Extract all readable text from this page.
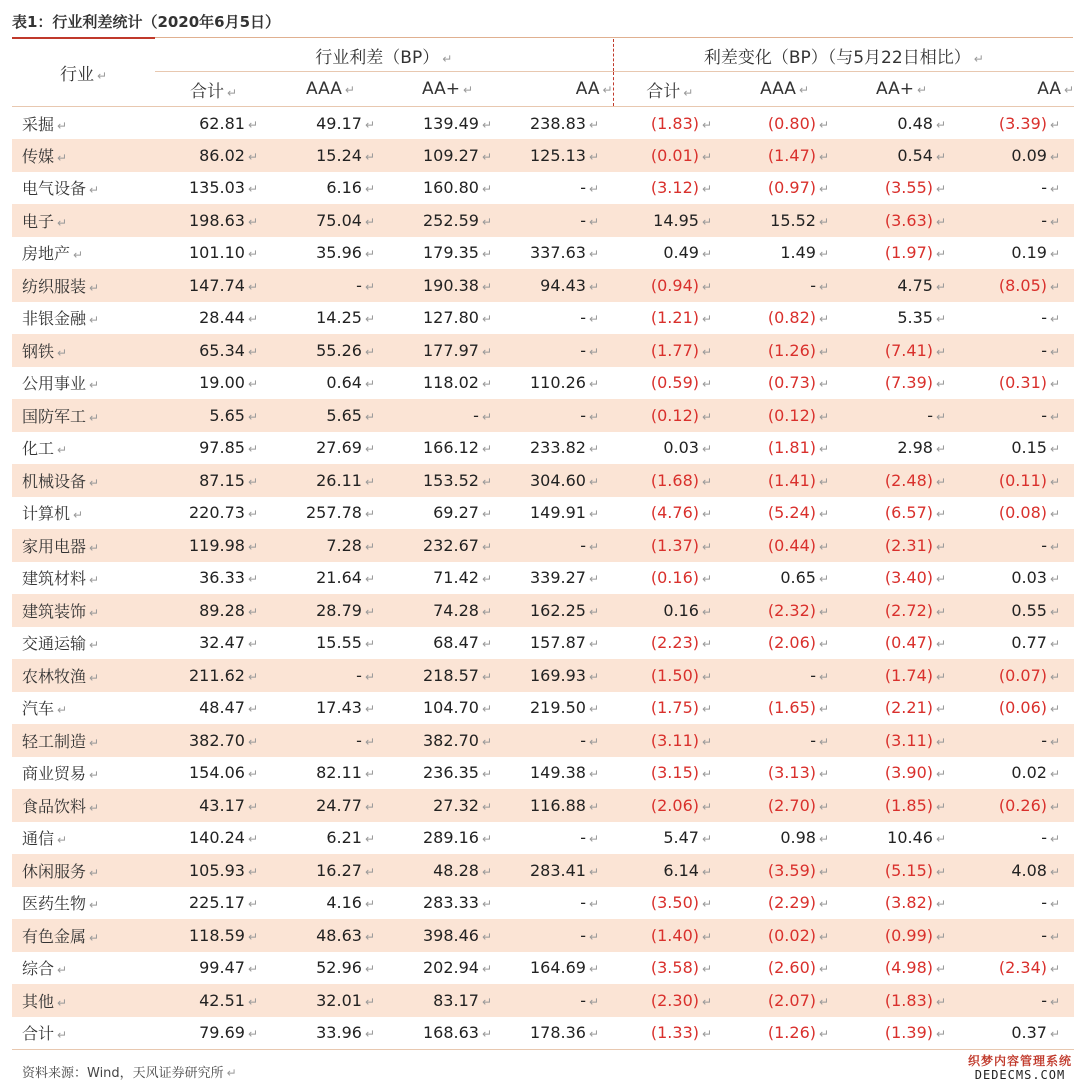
表1：行业利差统计（2020年6月5日）
行业 ↵	行业利差（BP） ↵				利差变化（BP）（与5月22日相比） ↵			
	合计 ↵	AAA ↵	AA+ ↵	AA ↵	合计 ↵	AAA ↵	AA+ ↵	AA ↵
采掘 ↵	62.81 ↵	49.17 ↵	139.49 ↵	238.83 ↵	(1.83) ↵	(0.80) ↵	0.48 ↵	(3.39) ↵
传媒 ↵	86.02 ↵	15.24 ↵	109.27 ↵	125.13 ↵	(0.01) ↵	(1.47) ↵	0.54 ↵	0.09 ↵
电气设备 ↵	135.03 ↵	6.16 ↵	160.80 ↵	- ↵	(3.12) ↵	(0.97) ↵	(3.55) ↵	- ↵
电子 ↵	198.63 ↵	75.04 ↵	252.59 ↵	- ↵	14.95 ↵	15.52 ↵	(3.63) ↵	- ↵
房地产 ↵	101.10 ↵	35.96 ↵	179.35 ↵	337.63 ↵	0.49 ↵	1.49 ↵	(1.97) ↵	0.19 ↵
纺织服装 ↵	147.74 ↵	- ↵	190.38 ↵	94.43 ↵	(0.94) ↵	- ↵	4.75 ↵	(8.05) ↵
非银金融 ↵	28.44 ↵	14.25 ↵	127.80 ↵	- ↵	(1.21) ↵	(0.82) ↵	5.35 ↵	- ↵
钢铁 ↵	65.34 ↵	55.26 ↵	177.97 ↵	- ↵	(1.77) ↵	(1.26) ↵	(7.41) ↵	- ↵
公用事业 ↵	19.00 ↵	0.64 ↵	118.02 ↵	110.26 ↵	(0.59) ↵	(0.73) ↵	(7.39) ↵	(0.31) ↵
国防军工 ↵	5.65 ↵	5.65 ↵	- ↵	- ↵	(0.12) ↵	(0.12) ↵	- ↵	- ↵
化工 ↵	97.85 ↵	27.69 ↵	166.12 ↵	233.82 ↵	0.03 ↵	(1.81) ↵	2.98 ↵	0.15 ↵
机械设备 ↵	87.15 ↵	26.11 ↵	153.52 ↵	304.60 ↵	(1.68) ↵	(1.41) ↵	(2.48) ↵	(0.11) ↵
计算机 ↵	220.73 ↵	257.78 ↵	69.27 ↵	149.91 ↵	(4.76) ↵	(5.24) ↵	(6.57) ↵	(0.08) ↵
家用电器 ↵	119.98 ↵	7.28 ↵	232.67 ↵	- ↵	(1.37) ↵	(0.44) ↵	(2.31) ↵	- ↵
建筑材料 ↵	36.33 ↵	21.64 ↵	71.42 ↵	339.27 ↵	(0.16) ↵	0.65 ↵	(3.40) ↵	0.03 ↵
建筑装饰 ↵	89.28 ↵	28.79 ↵	74.28 ↵	162.25 ↵	0.16 ↵	(2.32) ↵	(2.72) ↵	0.55 ↵
交通运输 ↵	32.47 ↵	15.55 ↵	68.47 ↵	157.87 ↵	(2.23) ↵	(2.06) ↵	(0.47) ↵	0.77 ↵
农林牧渔 ↵	211.62 ↵	- ↵	218.57 ↵	169.93 ↵	(1.50) ↵	- ↵	(1.74) ↵	(0.07) ↵
汽车 ↵	48.47 ↵	17.43 ↵	104.70 ↵	219.50 ↵	(1.75) ↵	(1.65) ↵	(2.21) ↵	(0.06) ↵
轻工制造 ↵	382.70 ↵	- ↵	382.70 ↵	- ↵	(3.11) ↵	- ↵	(3.11) ↵	- ↵
商业贸易 ↵	154.06 ↵	82.11 ↵	236.35 ↵	149.38 ↵	(3.15) ↵	(3.13) ↵	(3.90) ↵	0.02 ↵
食品饮料 ↵	43.17 ↵	24.77 ↵	27.32 ↵	116.88 ↵	(2.06) ↵	(2.70) ↵	(1.85) ↵	(0.26) ↵
通信 ↵	140.24 ↵	6.21 ↵	289.16 ↵	- ↵	5.47 ↵	0.98 ↵	10.46 ↵	- ↵
休闲服务 ↵	105.93 ↵	16.27 ↵	48.28 ↵	283.41 ↵	6.14 ↵	(3.59) ↵	(5.15) ↵	4.08 ↵
医药生物 ↵	225.17 ↵	4.16 ↵	283.33 ↵	- ↵	(3.50) ↵	(2.29) ↵	(3.82) ↵	- ↵
有色金属 ↵	118.59 ↵	48.63 ↵	398.46 ↵	- ↵	(1.40) ↵	(0.02) ↵	(0.99) ↵	- ↵
综合 ↵	99.47 ↵	52.96 ↵	202.94 ↵	164.69 ↵	(3.58) ↵	(2.60) ↵	(4.98) ↵	(2.34) ↵
其他 ↵	42.51 ↵	32.01 ↵	83.17 ↵	- ↵	(2.30) ↵	(2.07) ↵	(1.83) ↵	- ↵
合计 ↵	79.69 ↵	33.96 ↵	168.63 ↵	178.36 ↵	(1.33) ↵	(1.26) ↵	(1.39) ↵	0.37 ↵
资料来源：Wind，天风证券研究所 ↵
织梦内容管理系统
DEDECMS.COM
